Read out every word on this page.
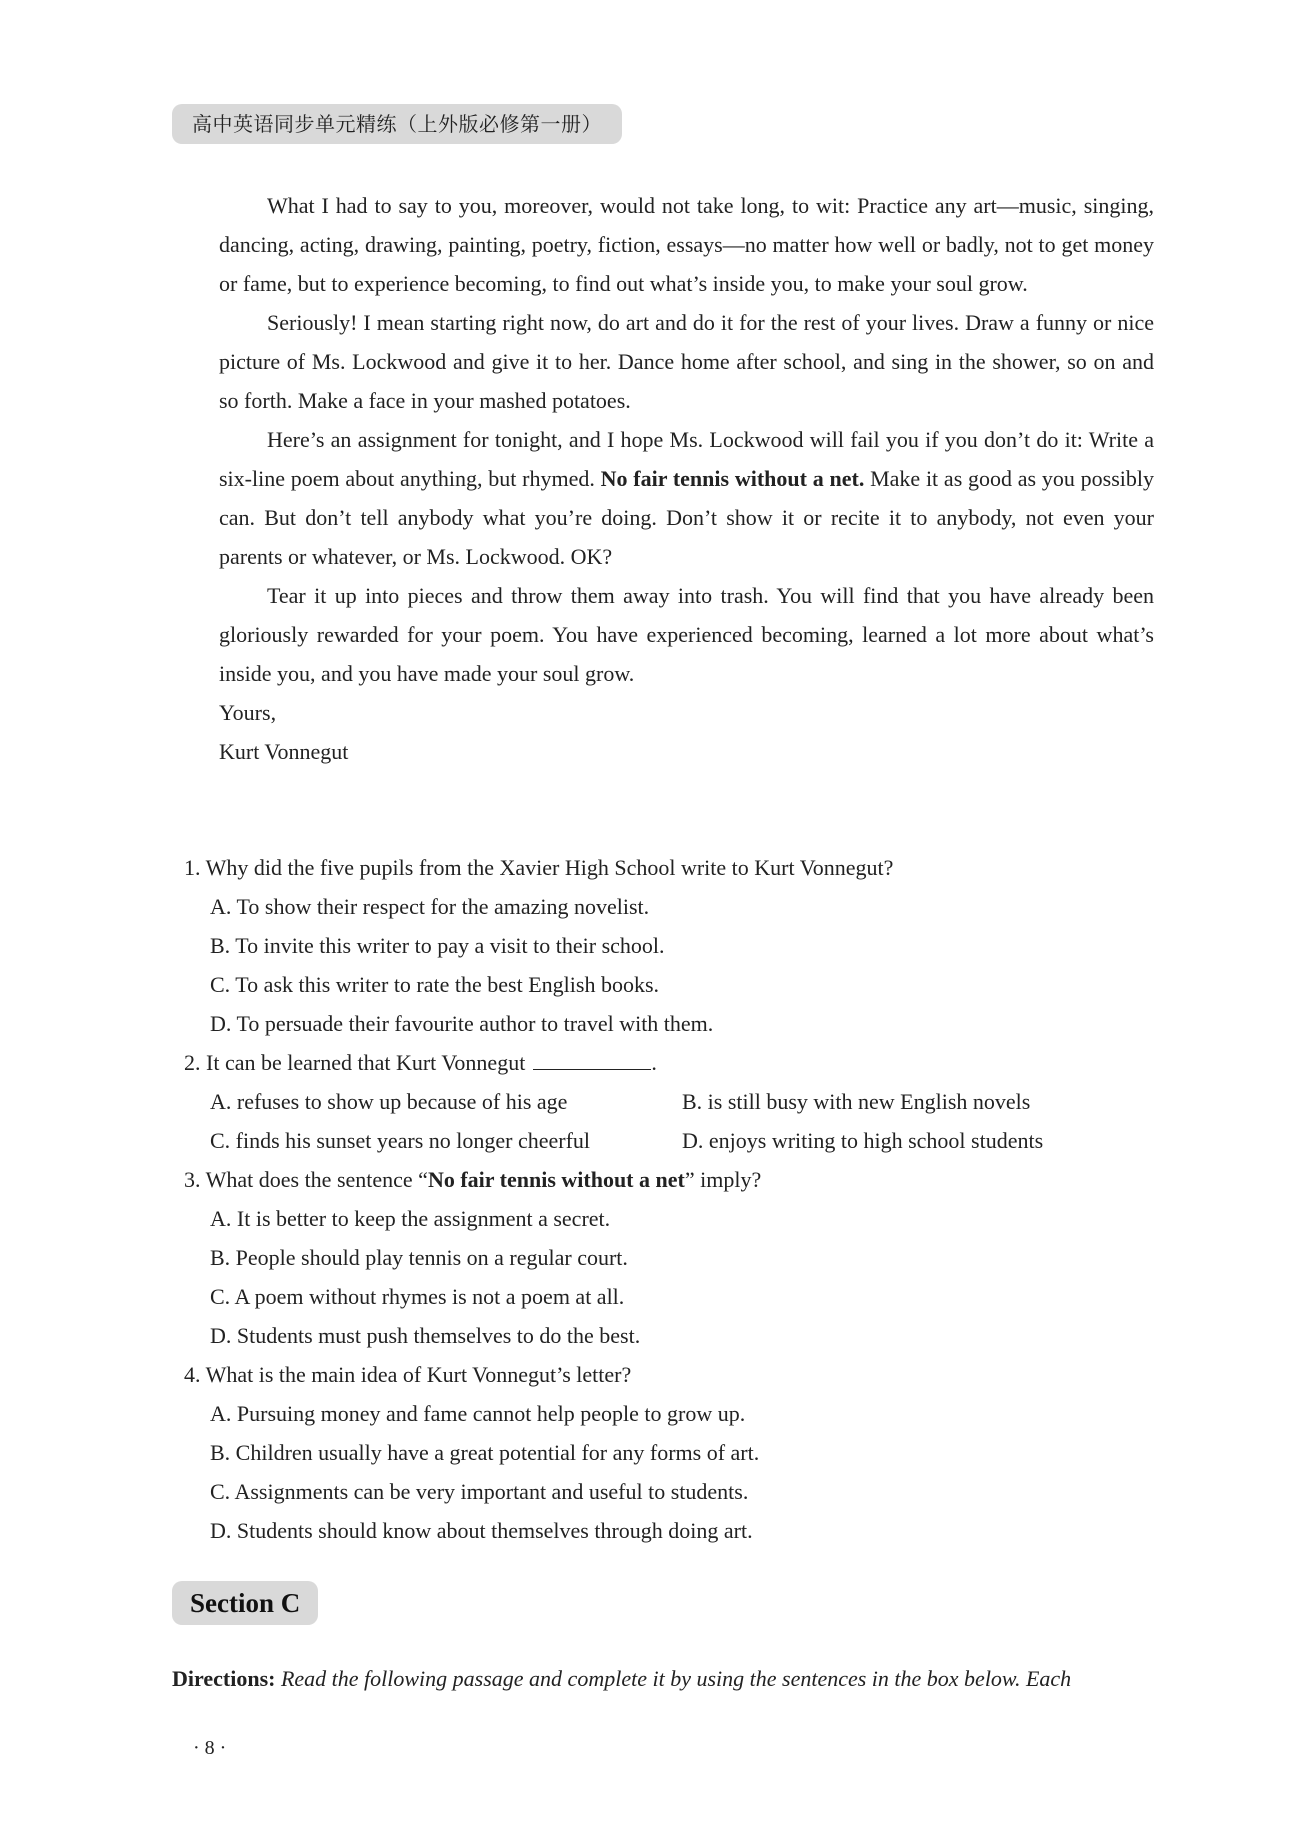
高中英语同步单元精练（上外版必修第一册）

What I had to say to you, moreover, would not take long, to wit: Practice any art—music, singing, dancing, acting, drawing, painting, poetry, fiction, essays—no matter how well or badly, not to get money or fame, but to experience becoming, to find out what’s inside you, to make your soul grow.

Seriously! I mean starting right now, do art and do it for the rest of your lives. Draw a funny or nice picture of Ms. Lockwood and give it to her. Dance home after school, and sing in the shower, so on and so forth. Make a face in your mashed potatoes.

Here’s an assignment for tonight, and I hope Ms. Lockwood will fail you if you don’t do it: Write a six-line poem about anything, but rhymed. No fair tennis without a net. Make it as good as you possibly can. But don’t tell anybody what you’re doing. Don’t show it or recite it to anybody, not even your parents or whatever, or Ms. Lockwood. OK?

Tear it up into pieces and throw them away into trash. You will find that you have already been gloriously rewarded for your poem. You have experienced becoming, learned a lot more about what’s inside you, and you have made your soul grow.

Yours,

Kurt Vonnegut

1. Why did the five pupils from the Xavier High School write to Kurt Vonnegut?
A. To show their respect for the amazing novelist.
B. To invite this writer to pay a visit to their school.
C. To ask this writer to rate the best English books.
D. To persuade their favourite author to travel with them.
2. It can be learned that Kurt Vonnegut	.
A. refuses to show up because of his age	B. is still busy with new English novels
C. finds his sunset years no longer cheerful	D. enjoys writing to high school students
3. What does the sentence “No fair tennis without a net” imply?
A. It is better to keep the assignment a secret.
B. People should play tennis on a regular court.
C. A poem without rhymes is not a poem at all.
D. Students must push themselves to do the best.
4. What is the main idea of Kurt Vonnegut’s letter?
A. Pursuing money and fame cannot help people to grow up.
B. Children usually have a great potential for any forms of art.
C. Assignments can be very important and useful to students.
D. Students should know about themselves through doing art.
Section C
Directions: Read the following passage and complete it by using the sentences in the box below. Each
· 8 ·
